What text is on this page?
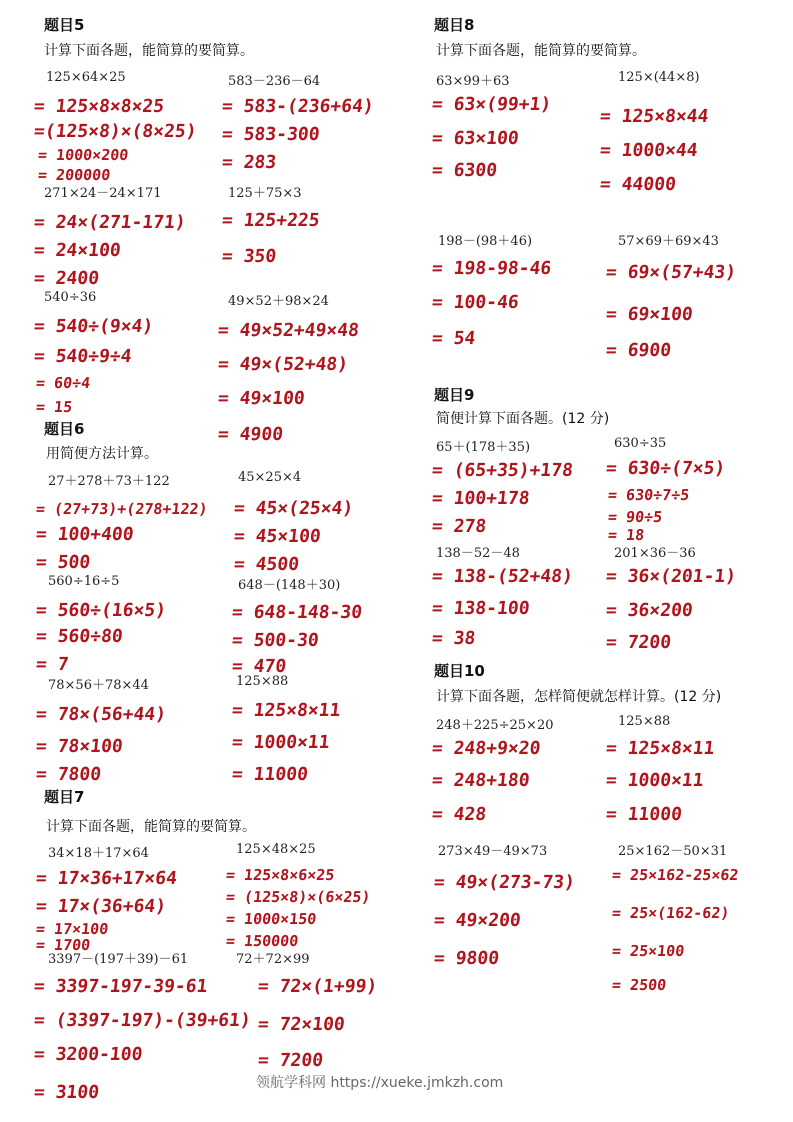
题目5
计算下面各题，能简算的要简算。
125×64×25
= 125×8×8×25
=(125×8)×(8×25)
= 1000×200
= 200000
583－236－64
= 583-(236+64)
= 583-300
= 283
271×24－24×171
= 24×(271-171)
= 24×100
= 2400
125＋75×3
= 125+225
= 350
540÷36
= 540÷(9×4)
= 540÷9÷4
= 60÷4
= 15
49×52＋98×24
= 49×52+49×48
= 49×(52+48)
= 49×100
= 4900
题目6
用简便方法计算。
27＋278＋73＋122
= (27+73)+(278+122)
= 100+400
= 500
45×25×4
= 45×(25×4)
= 45×100
= 4500
560÷16÷5
= 560÷(16×5)
= 560÷80
= 7
648－(148＋30)
= 648-148-30
= 500-30
= 470
78×56＋78×44
= 78×(56+44)
= 78×100
= 7800
125×88
= 125×8×11
= 1000×11
= 11000
题目7
计算下面各题，能简算的要简算。
34×18＋17×64
= 17×36+17×64
= 17×(36+64)
= 17×100
= 1700
125×48×25
= 125×8×6×25
= (125×8)×(6×25)
= 1000×150
= 150000
3397－(197＋39)－61
= 3397-197-39-61
= (3397-197)-(39+61)
= 3200-100
= 3100
72＋72×99
= 72×(1+99)
= 72×100
= 7200
题目8
计算下面各题，能简算的要简算。
63×99＋63
= 63×(99+1)
= 63×100
= 6300
125×(44×8)
= 125×8×44
= 1000×44
= 44000
198－(98＋46)
= 198-98-46
= 100-46
= 54
57×69＋69×43
= 69×(57+43)
= 69×100
= 6900
题目9
简便计算下面各题。(12 分)
65＋(178＋35)
= (65+35)+178
= 100+178
= 278
630÷35
= 630÷(7×5)
= 630÷7÷5
= 90÷5
= 18
138－52－48
= 138-(52+48)
= 138-100
= 38
201×36－36
= 36×(201-1)
= 36×200
= 7200
题目10
计算下面各题，怎样简便就怎样计算。(12 分)
248＋225÷25×20
= 248+9×20
= 248+180
= 428
125×88
= 125×8×11
= 1000×11
= 11000
273×49－49×73
= 49×(273-73)
= 49×200
= 9800
25×162－50×31
= 25×162-25×62
= 25×(162-62)
= 25×100
= 2500
领航学科网 https://xueke.jmkzh.com
